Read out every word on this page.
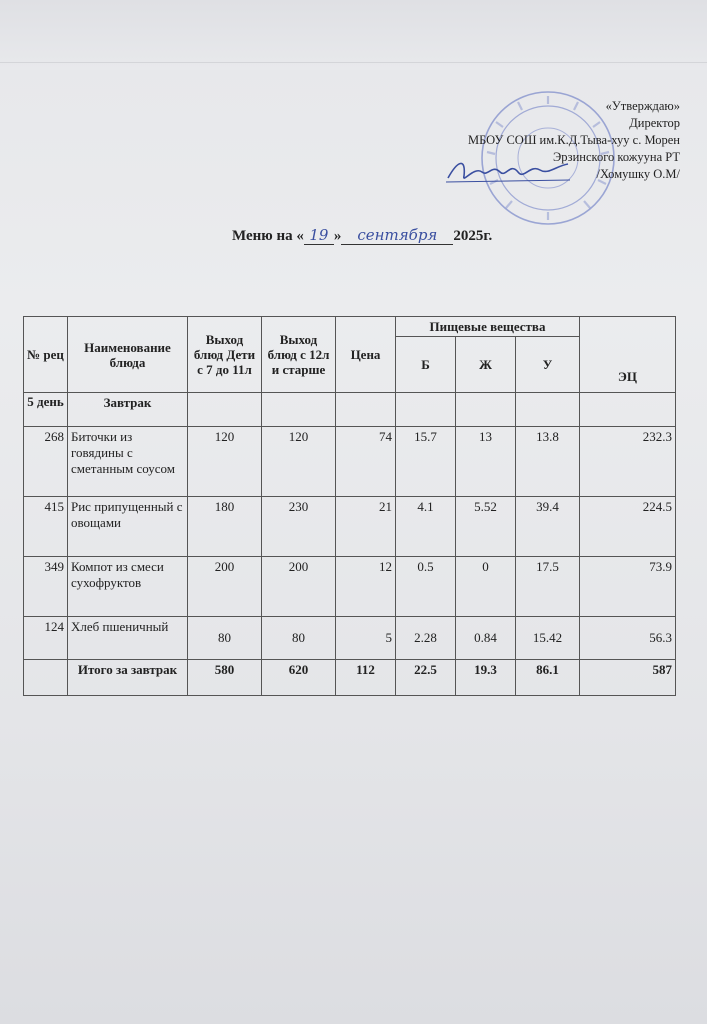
«Утверждаю»
Директор
МБОУ СОШ им.К.Д.Тыва-хуу с. Морен
Эрзинского кожууна РТ
/Хомушку О.М/
Меню на « 19 » сентября 2025г.
№ рец	Наименование блюда	Выход блюд Дети с 7 до 11л	Выход блюд с 12л и старше	Цена	Пищевые вещества			ЭЦ
					Б	Ж	У	
5 день	Завтрак							
268	Биточки из говядины с сметанным соусом	120	120	74	15.7	13	13.8	232.3
415	Рис припущенный с овощами	180	230	21	4.1	5.52	39.4	224.5
349	Компот из смеси сухофруктов	200	200	12	0.5	0	17.5	73.9
124	Хлеб пшеничный	80	80	5	2.28	0.84	15.42	56.3
	Итого за завтрак	580	620	112	22.5	19.3	86.1	587
